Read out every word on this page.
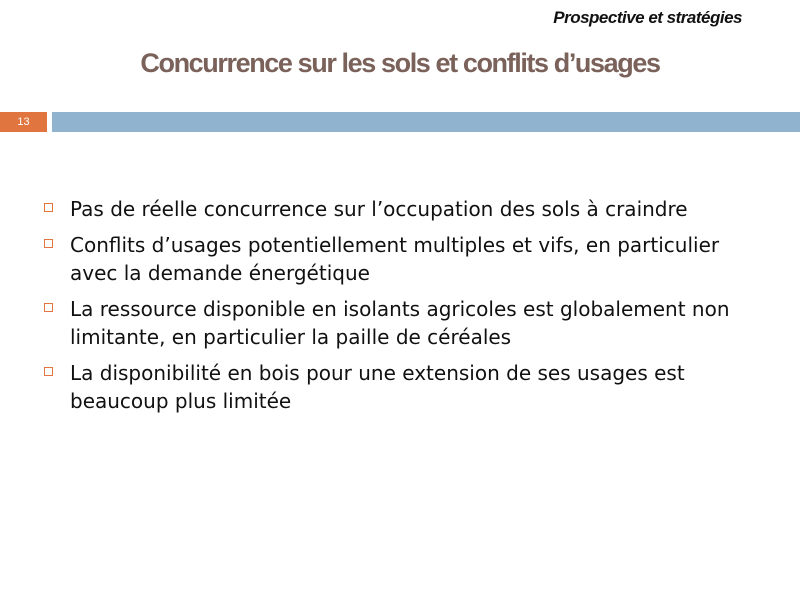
Prospective et stratégies
Concurrence sur les sols et conflits d’usages
13
Pas de réelle concurrence sur l’occupation des sols à craindre
Conflits d’usages potentiellement multiples et vifs, en particulier avec la demande énergétique
La ressource disponible en isolants agricoles est globalement non limitante, en particulier la paille de céréales
La disponibilité en bois pour une extension de ses usages est beaucoup plus limitée
